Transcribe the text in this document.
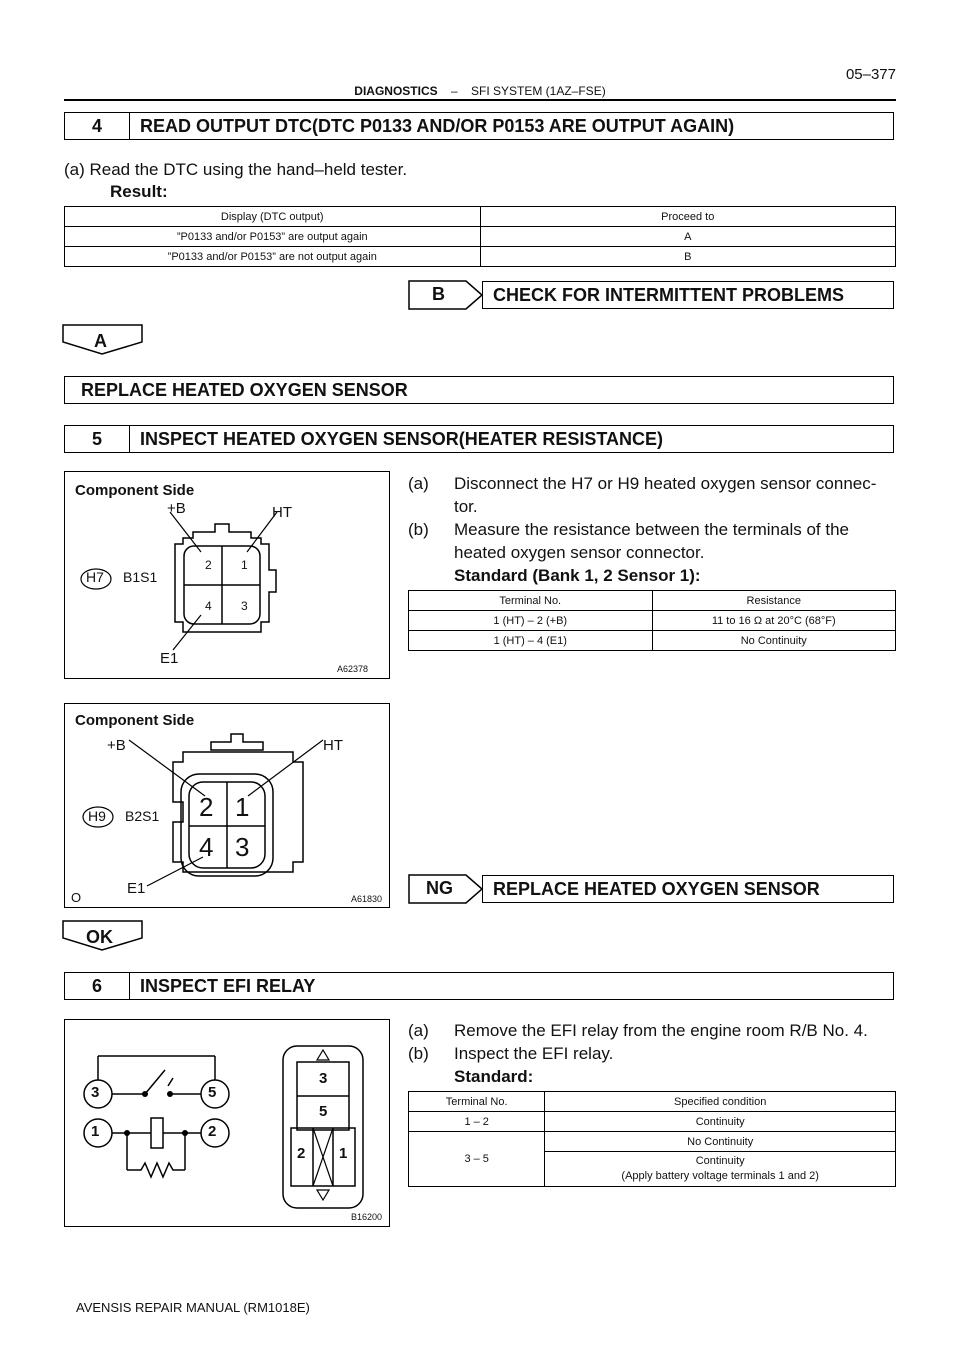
05–377
DIAGNOSTICS – SFI SYSTEM (1AZ–FSE)
4	READ OUTPUT DTC(DTC P0133 AND/OR P0153 ARE OUTPUT AGAIN)
(a) Read the DTC using the hand–held tester.
Result:
Display (DTC output)	Proceed to
”P0133 and/or P0153” are output again	A
”P0133 and/or P0153” are not output again	B
B	CHECK FOR INTERMITTENT PROBLEMS
A
REPLACE HEATED OXYGEN SENSOR
5	INSPECT HEATED OXYGEN SENSOR(HEATER RESISTANCE)
Component Side
+B	HT
H7 B1S1
E1
2 1
4 3
A62378
(a) Disconnect the H7 or H9 heated oxygen sensor connec-
tor.
(b) Measure the resistance between the terminals of the
heated oxygen sensor connector.
Standard (Bank 1, 2 Sensor 1):
Terminal No.	Resistance
1 (HT) – 2 (+B)	11 to 16 Ω at 20°C (68°F)
1 (HT) – 4 (E1)	No Continuity
Component Side
+B	HT
H9 B2S1
E1
O
2 1
4 3
A61830
NG	REPLACE HEATED OXYGEN SENSOR
OK
6	INSPECT EFI RELAY
3	5
1	2
3
5
2 1
B16200
(a) Remove the EFI relay from the engine room R/B No. 4.
(b) Inspect the EFI relay.
Standard:
Terminal No.	Specified condition
1 – 2	Continuity
3 – 5	No Continuity
	Continuity
(Apply battery voltage terminals 1 and 2)
AVENSIS REPAIR MANUAL (RM1018E)
